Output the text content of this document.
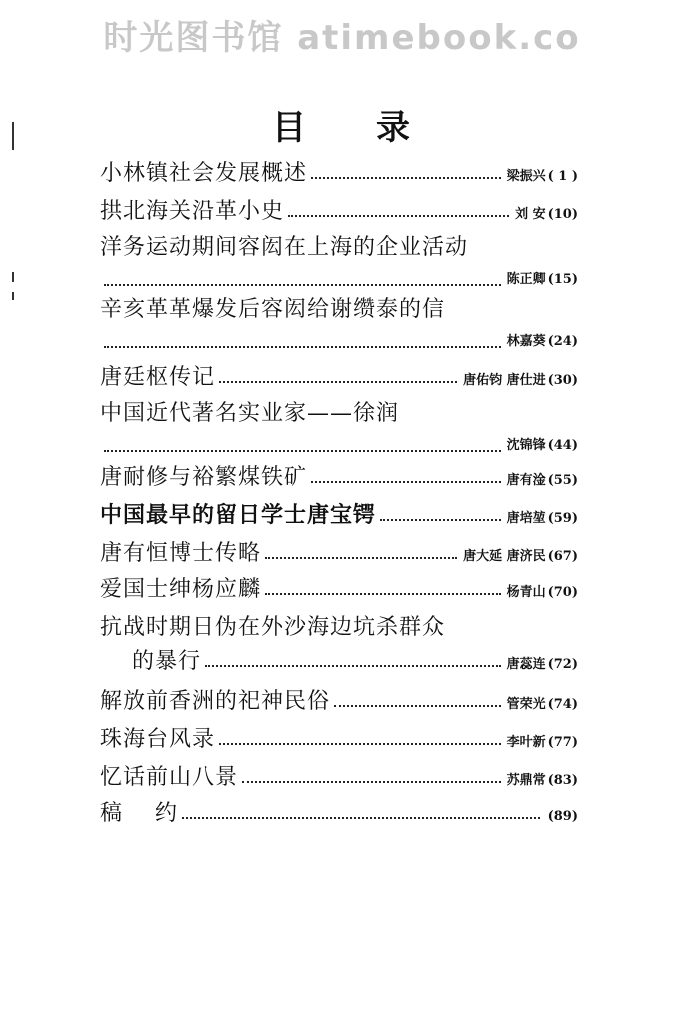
时光图书馆 atimebook.co
目录
小林镇社会发展概述	梁振兴 ( 1 )
拱北海关沿革小史	刘 安 (10)
洋务运动期间容闳在上海的企业活动
陈正卿 (15)
辛亥革革爆发后容闳给谢缵泰的信
林嘉葵 (24)
唐廷枢传记	唐佑钧 唐仕进 (30)
中国近代著名实业家——徐润
沈锦锋 (44)
唐耐修与裕繁煤铁矿	唐有淦 (55)
中国最早的留日学士唐宝锷	唐培堃 (59)
唐有恒博士传略	唐大延 唐济民 (67)
爱国士绅杨应麟	杨青山 (70)
抗战时期日伪在外沙海边坑杀群众
的暴行	唐蕊连 (72)
解放前香洲的祀神民俗	管荣光 (74)
珠海台风录	李叶新 (77)
忆话前山八景	苏鼎常 (83)
稿    约	(89)
